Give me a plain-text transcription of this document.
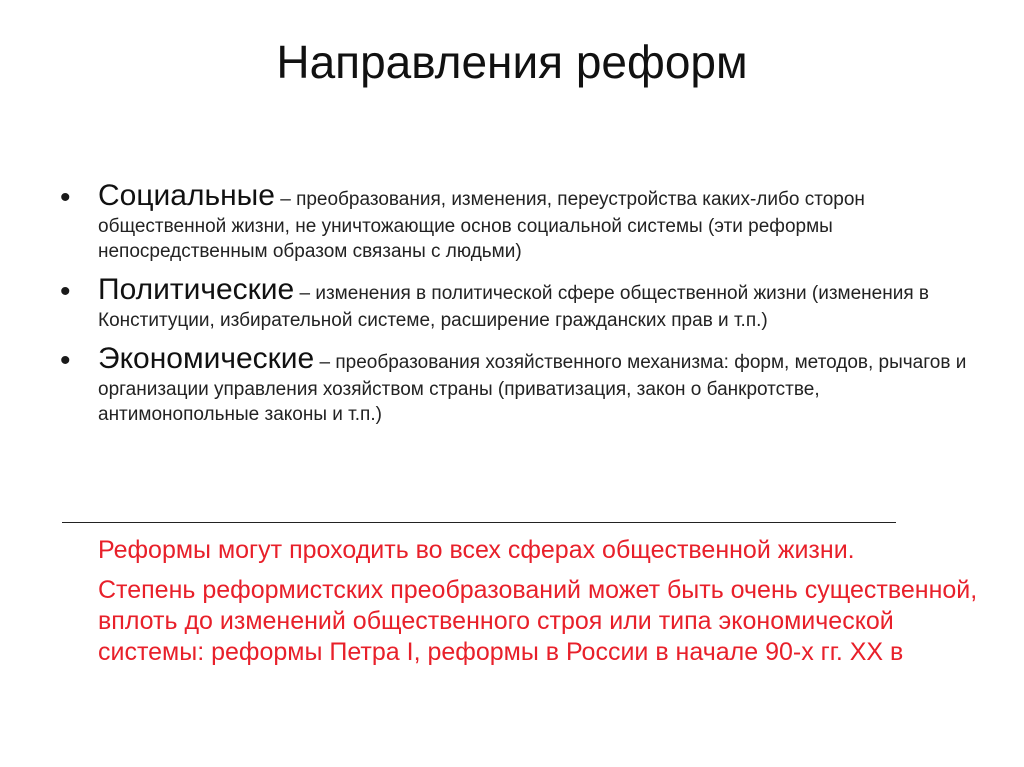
Направления реформ
• Социальные – преобразования, изменения, переустройства каких-либо сторон общественной жизни, не уничтожающие основ социальной системы (эти реформы непосредственным образом связаны с людьми)
• Политические – изменения в политической сфере общественной жизни (изменения в Конституции, избирательной системе, расширение гражданских прав и т.п.)
• Экономические – преобразования хозяйственного механизма: форм, методов, рычагов и организации управления хозяйством страны (приватизация, закон о банкротстве, антимонопольные законы и т.п.)

Реформы могут проходить во всех сферах общественной жизни.

Степень реформистских преобразований может быть очень существенной, вплоть до изменений общественного строя или типа экономической системы: реформы Петра I, реформы в России в начале 90-х гг. XX в
